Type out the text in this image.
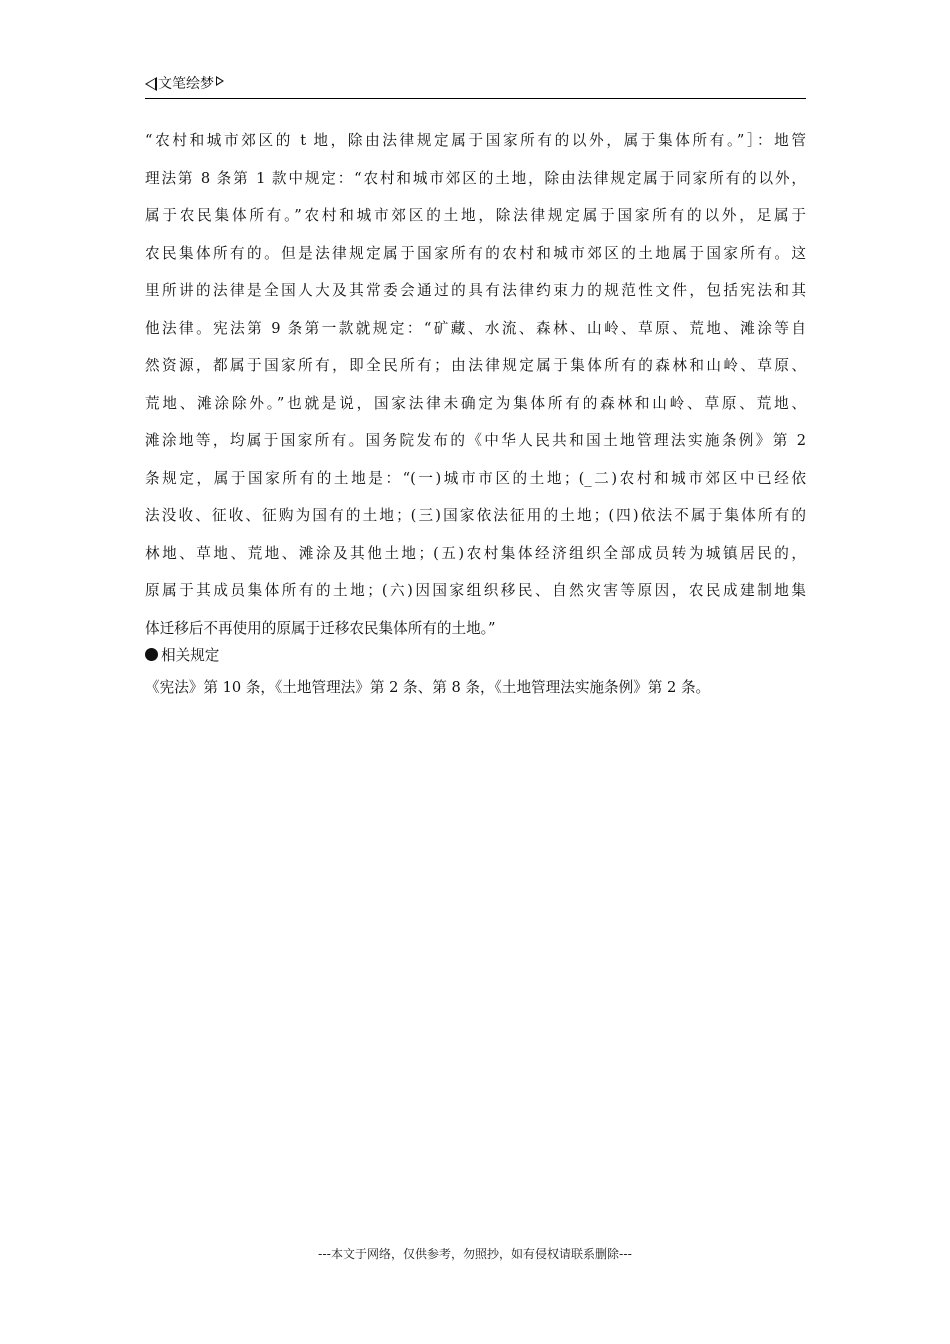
文笔绘梦
“农村和城市郊区的 t 地，除由法律规定属于国家所有的以外，属于集体所有。”］：地管
理法第 8 条第 1 款中规定：“农村和城市郊区的土地，除由法律规定属于同家所有的以外，
属于农民集体所有。”农村和城市郊区的土地，除法律规定属于国家所有的以外，足属于
农民集体所有的。但是法律规定属于国家所有的农村和城市郊区的土地属于国家所有。这
里所讲的法律是全国人大及其常委会通过的具有法律约束力的规范性文件，包括宪法和其
他法律。宪法第 9 条第一款就规定：“矿藏、水流、森林、山岭、草原、荒地、滩涂等自
然资源，都属于国家所有，即全民所有；由法律规定属于集体所有的森林和山岭、草原、
荒地、滩涂除外。”也就是说，国家法律未确定为集体所有的森林和山岭、草原、荒地、
滩涂地等，均属于国家所有。国务院发布的《中华人民共和国土地管理法实施条例》第 2
条规定，属于国家所有的土地是：“(一)城市市区的土地；(_二)农村和城市郊区中已经依
法没收、征收、征购为国有的土地；(三)国家依法征用的土地；(四)依法不属于集体所有的
林地、草地、荒地、滩涂及其他土地；(五)农村集体经济组织全部成员转为城镇居民的，
原属于其成员集体所有的土地；(六)因国家组织移民、自然灾害等原因，农民成建制地集
体迁移后不再使用的原属于迁移农民集体所有的土地。”
相关规定
《宪法》第 10 条，《土地管理法》第 2 条、第 8 条，《土地管理法实施条例》第 2 条。
---本文于网络，仅供参考，勿照抄，如有侵权请联系删除---
